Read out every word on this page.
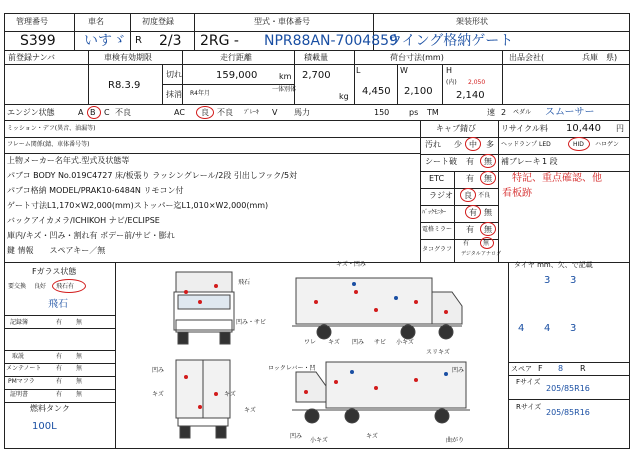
管理番号	車名	初度登録	型式・車体番号	架装形状
S399 いすゞ R 2/3 2RG - NPR88AN-7004859
ウイング格納ゲート
前登録ナンバ	車検有効期限	走行距離	積載量	荷台寸法(mm)	出品会社(	兵庫　県)
R8.3.9
切れ
抹消
159,000	km
R4年月
一体別体
2,700
kg
L	W	H
(内) 2,050
4,450 2,100 2,140
エンジン状態	A B C 不良	AC 良 不良 ﾌﾞﾚｰｷ V 馬力	150 ps TM	速 2 ペダル スムーサー
ミッション・デフ(異音、油漏等)
フレーム関係(錆、車体番号等)
上物メーカー名年式.型式及状態等
パブコ BODY No.019C4727 床/板張り ラッシングレール/2段 引出しフック/5対
パブコ格納 MODEL/PRAK10-6484N リモコン付
ゲート寸法L1,170×W2,000(mm)ストッパー迄L1,010×W2,000(mm)
バックアイカメラ/ICHIKOH ナビ/ECLIPSE
庫内/キズ・凹み・割れ有 ボデー前/サビ・膨れ
鍵 情報　　スペアキー／無
キャブ錆び	リサイクル料 10,440 円
汚れ 少 中 多 ヘッドランプ LED	HID ハロゲン
シート破 有 無 補ブレーキ 1 段
ETC	有 無
ラジオ 良 不良
ﾊﾞｯｸﾓﾆﾀｰ	有 無
電格ミラー 有 無
タコグラフ
有 無
デジタル アナログ
特記、重点確認、他
看板跡
Fガラス状態
要交換 良好 飛石有
飛石
記録簿	有 無
取説	有 無
メンテノート 有 無
PMマフラ	有 無
証明書	有 無
燃料タンク
100L
タイヤ mm、欠、で記載
3 3
4 4 3
スペア F 8 R
Fサイズ
205/85R16
Rサイズ
205/85R16
キズ・凹み
飛石
凹み・サビ
ワレ キズ 凹み サビ 小キズ
スリキズ
凹み	ロックレバー・凹
キズ	キズ
凹み
キズ
凹み
小キズ
キズ
曲がり
